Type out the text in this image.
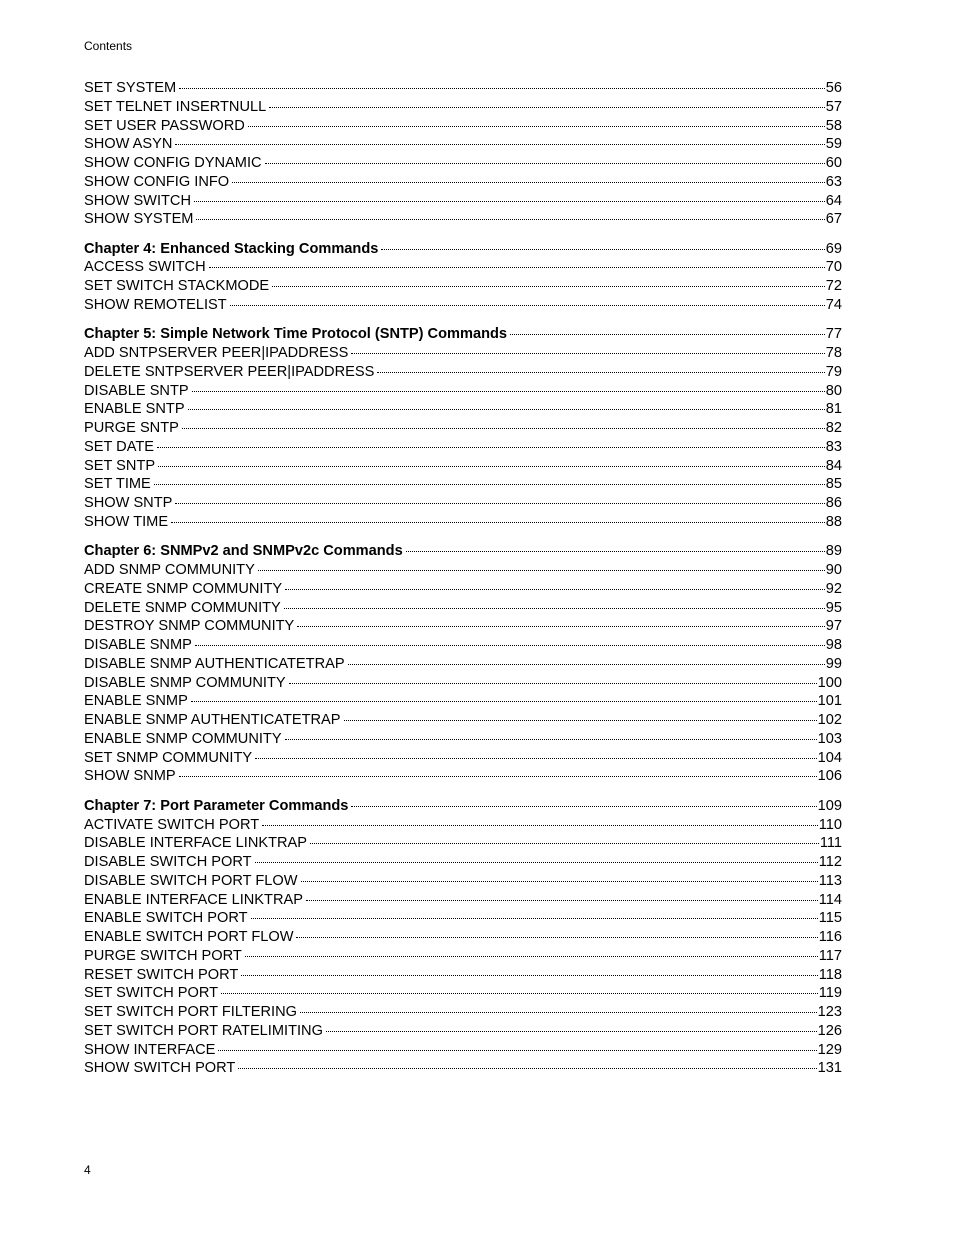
Contents
SET SYSTEM	56
SET TELNET INSERTNULL	57
SET USER PASSWORD	58
SHOW ASYN	59
SHOW CONFIG DYNAMIC	60
SHOW CONFIG INFO	63
SHOW SWITCH	64
SHOW SYSTEM	67
Chapter 4: Enhanced Stacking Commands	69
ACCESS SWITCH	70
SET SWITCH STACKMODE	72
SHOW REMOTELIST	74
Chapter 5: Simple Network Time Protocol (SNTP) Commands	77
ADD SNTPSERVER PEER|IPADDRESS	78
DELETE SNTPSERVER PEER|IPADDRESS	79
DISABLE SNTP	80
ENABLE SNTP	81
PURGE SNTP	82
SET DATE	83
SET SNTP	84
SET TIME	85
SHOW SNTP	86
SHOW TIME	88
Chapter 6: SNMPv2 and SNMPv2c Commands	89
ADD SNMP COMMUNITY	90
CREATE SNMP COMMUNITY	92
DELETE SNMP COMMUNITY	95
DESTROY SNMP COMMUNITY	97
DISABLE SNMP	98
DISABLE SNMP AUTHENTICATETRAP	99
DISABLE SNMP COMMUNITY	100
ENABLE SNMP	101
ENABLE SNMP AUTHENTICATETRAP	102
ENABLE SNMP COMMUNITY	103
SET SNMP COMMUNITY	104
SHOW SNMP	106
Chapter 7: Port Parameter Commands	109
ACTIVATE SWITCH PORT	110
DISABLE INTERFACE LINKTRAP	111
DISABLE SWITCH PORT	112
DISABLE SWITCH PORT FLOW	113
ENABLE INTERFACE LINKTRAP	114
ENABLE SWITCH PORT	115
ENABLE SWITCH PORT FLOW	116
PURGE SWITCH PORT	117
RESET SWITCH PORT	118
SET SWITCH PORT	119
SET SWITCH PORT FILTERING	123
SET SWITCH PORT RATELIMITING	126
SHOW INTERFACE	129
SHOW SWITCH PORT	131
4
